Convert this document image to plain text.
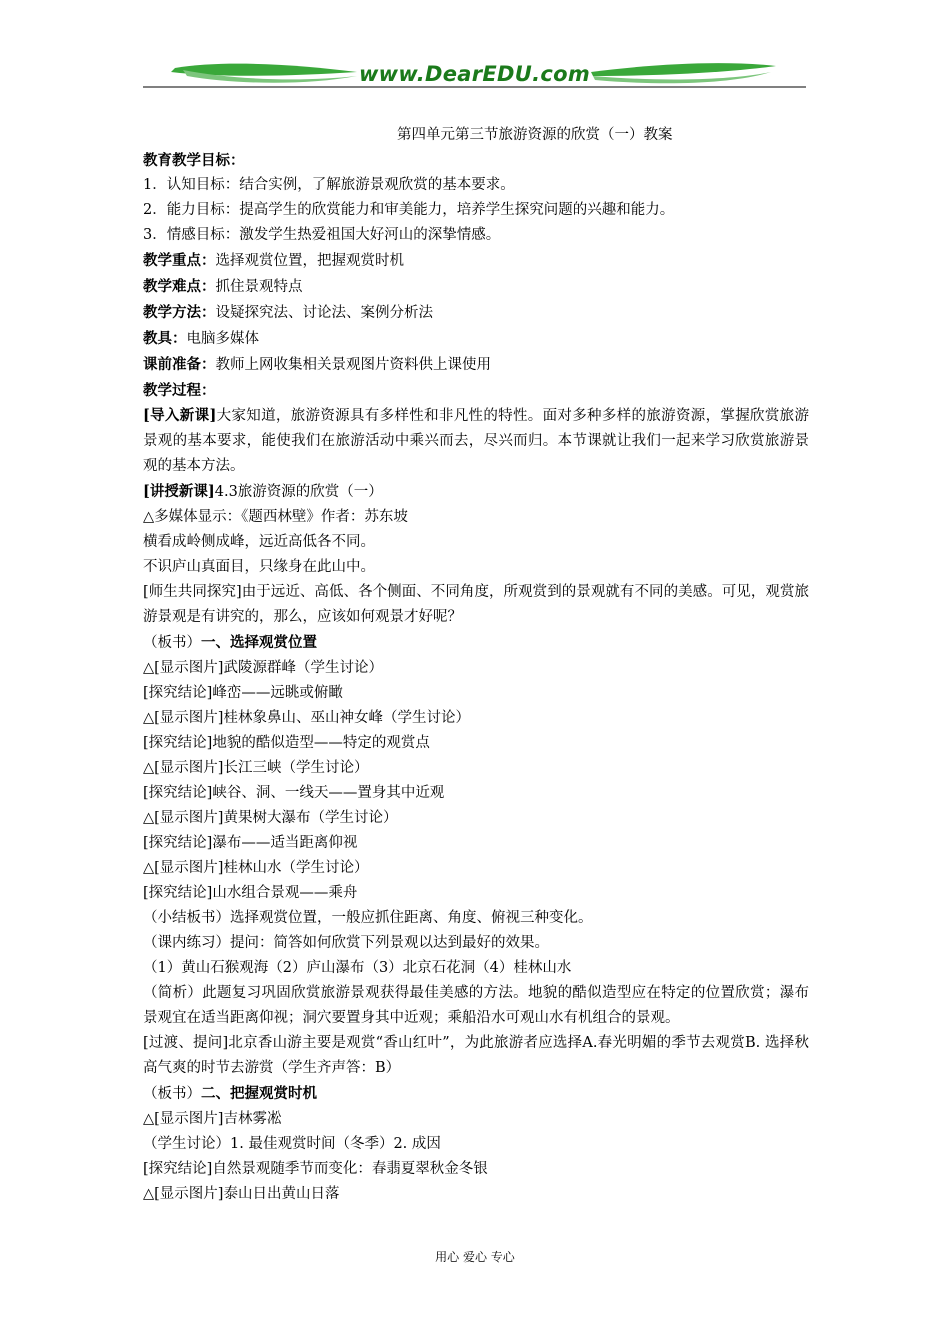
www.DearEDU.com
第四单元第三节旅游资源的欣赏（一）教案
教育教学目标：
1．认知目标：结合实例，了解旅游景观欣赏的基本要求。
2．能力目标：提高学生的欣赏能力和审美能力，培养学生探究问题的兴趣和能力。
3．情感目标：激发学生热爱祖国大好河山的深挚情感。
教学重点：选择观赏位置，把握观赏时机
教学难点：抓住景观特点
教学方法：设疑探究法、讨论法、案例分析法
教具：电脑多媒体
课前准备：教师上网收集相关景观图片资料供上课使用
教学过程：
[导入新课]大家知道，旅游资源具有多样性和非凡性的特性。面对多种多样的旅游资源，掌握欣赏旅游景观的基本要求，能使我们在旅游活动中乘兴而去，尽兴而归。本节课就让我们一起来学习欣赏旅游景观的基本方法。
[讲授新课]4.3旅游资源的欣赏（一）
△多媒体显示：《题西林壁》作者：苏东坡
横看成岭侧成峰，远近高低各不同。
不识庐山真面目，只缘身在此山中。
[师生共同探究]由于远近、高低、各个侧面、不同角度，所观赏到的景观就有不同的美感。可见，观赏旅游景观是有讲究的，那么，应该如何观景才好呢？
（板书）一、选择观赏位置
△[显示图片]武陵源群峰（学生讨论）
[探究结论]峰峦——远眺或俯瞰
△[显示图片]桂林象鼻山、巫山神女峰（学生讨论）
[探究结论]地貌的酷似造型——特定的观赏点
△[显示图片]长江三峡（学生讨论）
[探究结论]峡谷、洞、一线天——置身其中近观
△[显示图片]黄果树大瀑布（学生讨论）
[探究结论]瀑布——适当距离仰视
△[显示图片]桂林山水（学生讨论）
[探究结论]山水组合景观——乘舟
（小结板书）选择观赏位置，一般应抓住距离、角度、俯视三种变化。
（课内练习）提问：简答如何欣赏下列景观以达到最好的效果。
（1）黄山石猴观海（2）庐山瀑布（3）北京石花洞（4）桂林山水
（简析）此题复习巩固欣赏旅游景观获得最佳美感的方法。地貌的酷似造型应在特定的位置欣赏；瀑布景观宜在适当距离仰视；洞穴要置身其中近观；乘船沿水可观山水有机组合的景观。
[过渡、提问]北京香山游主要是观赏“香山红叶”，为此旅游者应选择A.春光明媚的季节去观赏B. 选择秋高气爽的时节去游赏（学生齐声答：B）
（板书）二、把握观赏时机
△[显示图片]吉林雾凇
（学生讨论）1. 最佳观赏时间（冬季）2. 成因
[探究结论]自然景观随季节而变化：春翡夏翠秋金冬银
△[显示图片]泰山日出黄山日落
用心 爱心 专心
